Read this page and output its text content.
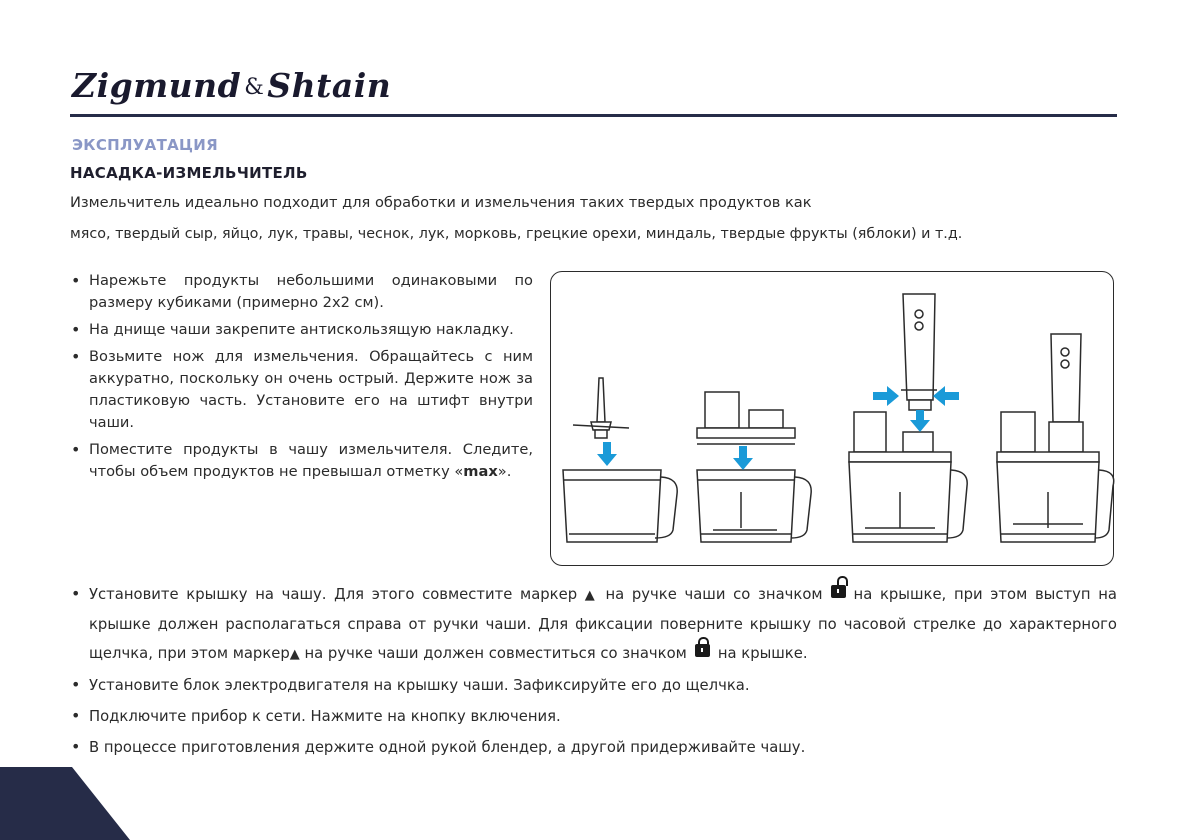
Zigmund &Shtain
ЭКСПЛУАТАЦИЯ
НАСАДКА-ИЗМЕЛЬЧИТЕЛЬ
Измельчитель идеально подходит для обработки и измельчения таких твердых продуктов как
мясо, твердый сыр, яйцо, лук, травы, чеснок, лук, морковь, грецкие орехи, миндаль, твердые фрукты (яблоки) и т.д.
• Нарежьте продукты небольшими одинаковыми по размеру кубиками (примерно 2х2 см).
• На днище чаши закрепите антискользящую накладку.
• Возьмите нож для измельчения. Обращайтесь с ним аккуратно, поскольку он очень острый. Держите нож за пластиковую часть. Установите его на штифт внутри чаши.
• Поместите продукты в чашу измельчителя. Следите, чтобы объем продуктов не превышал отметку «max».
• Установите крышку на чашу. Для этого совместите маркер ▲ на ручке чаши со значком на крышке, при этом выступ на крышке должен располагаться справа от ручки чаши. Для фиксации поверните крышку по часовой стрелке до характерного щелчка, при этом маркер▲ на ручке чаши должен совместиться со значком на крышке.
• Установите блок электродвигателя на крышку чаши. Зафиксируйте его до щелчка.
• Подключите прибор к сети. Нажмите на кнопку включения.
• В процессе приготовления держите одной рукой блендер, а другой придерживайте чашу.
